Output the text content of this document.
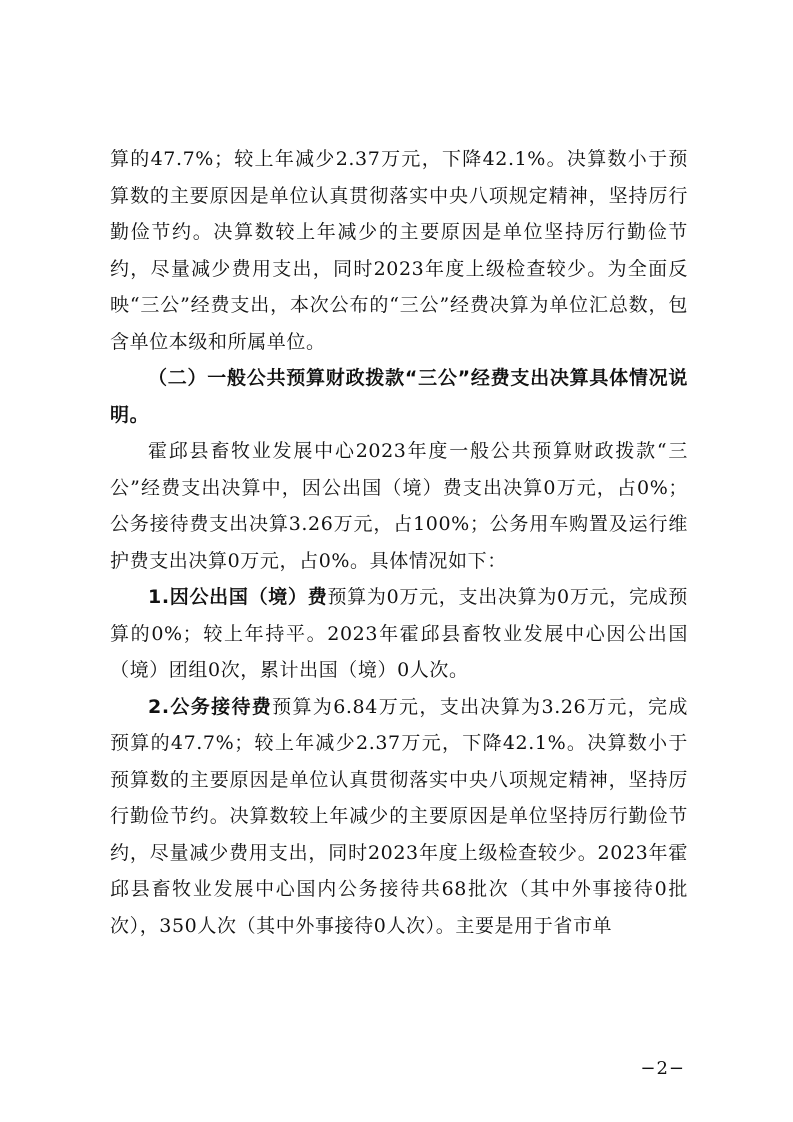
算的47.7%；较上年减少2.37万元，下降42.1%。决算数小于预算数的主要原因是单位认真贯彻落实中央八项规定精神，坚持厉行勤俭节约。决算数较上年减少的主要原因是单位坚持厉行勤俭节约，尽量减少费用支出，同时2023年度上级检查较少。为全面反映“三公”经费支出，本次公布的“三公”经费决算为单位汇总数，包含单位本级和所属单位。

（二）一般公共预算财政拨款“三公”经费支出决算具体情况说明。

霍邱县畜牧业发展中心2023年度一般公共预算财政拨款“三公”经费支出决算中，因公出国（境）费支出决算0万元，占0%；公务接待费支出决算3.26万元，占100%；公务用车购置及运行维护费支出决算0万元，占0%。具体情况如下：

1.因公出国（境）费预算为0万元，支出决算为0万元，完成预算的0%；较上年持平。2023年霍邱县畜牧业发展中心因公出国（境）团组0次，累计出国（境）0人次。

2.公务接待费预算为6.84万元，支出决算为3.26万元，完成预算的47.7%；较上年减少2.37万元，下降42.1%。决算数小于预算数的主要原因是单位认真贯彻落实中央八项规定精神，坚持厉行勤俭节约。决算数较上年减少的主要原因是单位坚持厉行勤俭节约，尽量减少费用支出，同时2023年度上级检查较少。2023年霍邱县畜牧业发展中心国内公务接待共68批次（其中外事接待0批次），350人次（其中外事接待0人次）。主要是用于省市单

−2−
